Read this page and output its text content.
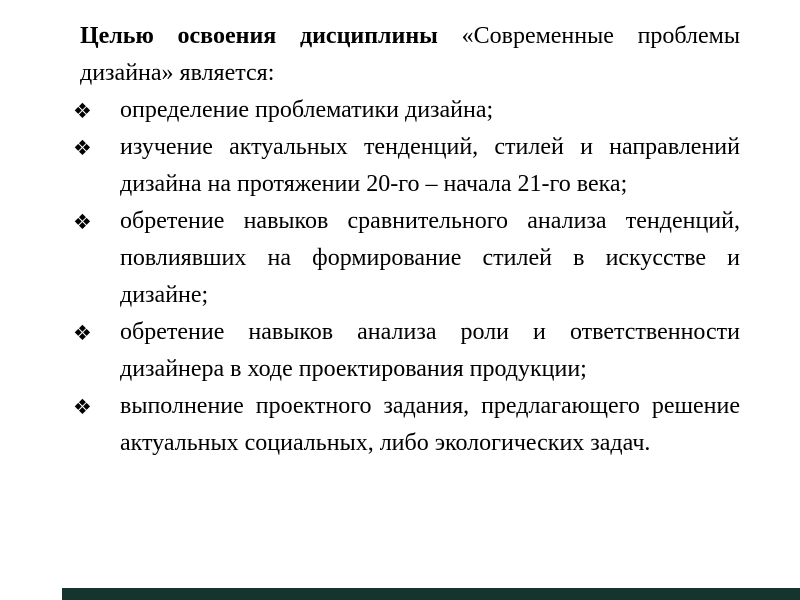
Целью освоения дисциплины «Современные проблемы дизайна» является:

❖ определение проблематики дизайна;
❖ изучение актуальных тенденций, стилей и направлений дизайна на протяжении 20-го – начала 21-го века;
❖ обретение навыков сравнительного анализа тенденций, повлиявших на формирование стилей в искусстве и дизайне;
❖ обретение навыков анализа роли и ответственности дизайнера в ходе проектирования продукции;
❖ выполнение проектного задания, предлагающего решение актуальных социальных, либо экологических задач.
